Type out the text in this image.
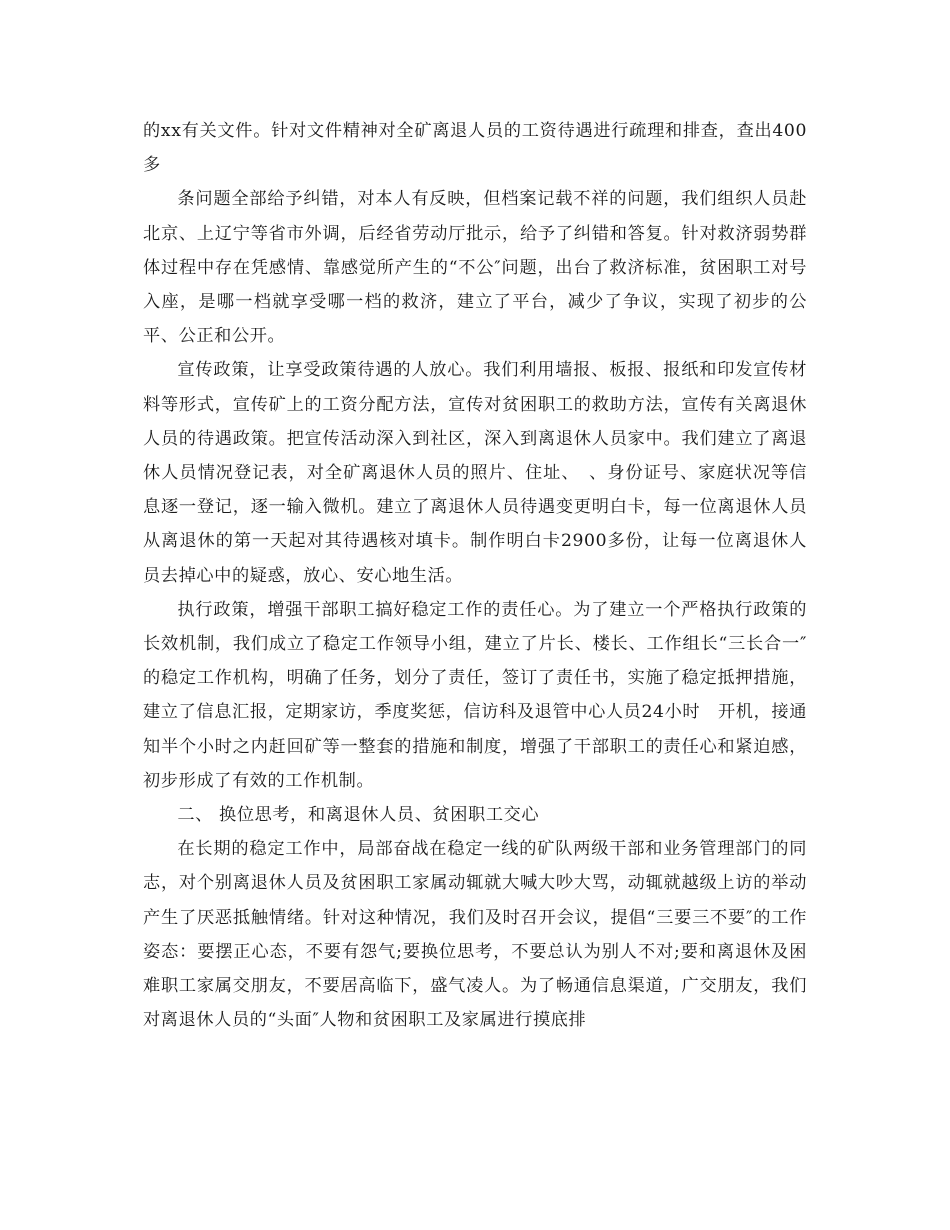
的xx有关文件。针对文件精神对全矿离退人员的工资待遇进行疏理和排查，查出400多

条问题全部给予纠错，对本人有反映，但档案记载不祥的问题，我们组织人员赴北京、上辽宁等省市外调，后经省劳动厅批示，给予了纠错和答复。针对救济弱势群体过程中存在凭感情、靠感觉所产生的“不公″问题，出台了救济标准，贫困职工对号入座，是哪一档就享受哪一档的救济，建立了平台，减少了争议，实现了初步的公平、公正和公开。

宣传政策，让享受政策待遇的人放心。我们利用墙报、板报、报纸和印发宣传材料等形式，宣传矿上的工资分配方法，宣传对贫困职工的救助方法，宣传有关离退休人员的待遇政策。把宣传活动深入到社区，深入到离退休人员家中。我们建立了离退休人员情况登记表，对全矿离退休人员的照片、住址、　、身份证号、家庭状况等信息逐一登记，逐一输入微机。建立了离退休人员待遇变更明白卡，每一位离退休人员从离退休的第一天起对其待遇核对填卡。制作明白卡2900多份，让每一位离退休人员去掉心中的疑惑，放心、安心地生活。

执行政策，增强干部职工搞好稳定工作的责任心。为了建立一个严格执行政策的长效机制，我们成立了稳定工作领导小组，建立了片长、楼长、工作组长“三长合一″的稳定工作机构，明确了任务，划分了责任，签订了责任书，实施了稳定抵押措施，建立了信息汇报，定期家访，季度奖惩，信访科及退管中心人员24小时　开机，接通知半个小时之内赶回矿等一整套的措施和制度，增强了干部职工的责任心和紧迫感，初步形成了有效的工作机制。

二、 换位思考，和离退休人员、贫困职工交心

在长期的稳定工作中，局部奋战在稳定一线的矿队两级干部和业务管理部门的同志，对个别离退休人员及贫困职工家属动辄就大喊大吵大骂，动辄就越级上访的举动产生了厌恶抵触情绪。针对这种情况，我们及时召开会议，提倡“三要三不要″的工作姿态：要摆正心态，不要有怨气;要换位思考，不要总认为别人不对;要和离退休及困难职工家属交朋友，不要居高临下，盛气凌人。为了畅通信息渠道，广交朋友，我们对离退休人员的“头面″人物和贫困职工及家属进行摸底排
